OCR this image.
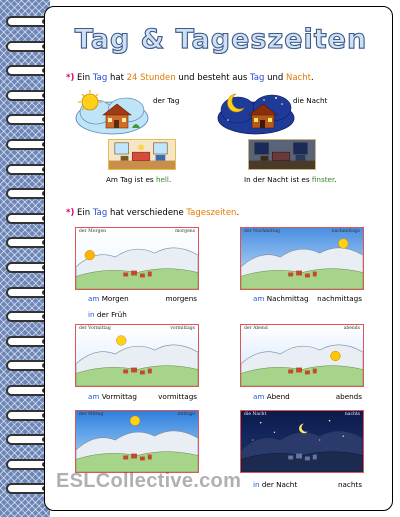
Tag & Tageszeiten
*) Ein Tag hat 24 Stunden und besteht aus Tag und Nacht.
der Tag	die Nacht
Am Tag ist es hell.	In der Nacht ist es finster.
*) Ein Tag hat verschiedene Tageszeiten.
der Morgen	morgens
am Morgen	morgens
in der Früh
der Nachmittag	nachmittags
am Nachmittag nachmittags
der Vormittag	vormittags
am Vormittag	vormittags
der Abend	abends
am Abend	abends
der Mittag	mittags	die Nacht	nachts
in der Nacht	nachts
ESLCollective.com
